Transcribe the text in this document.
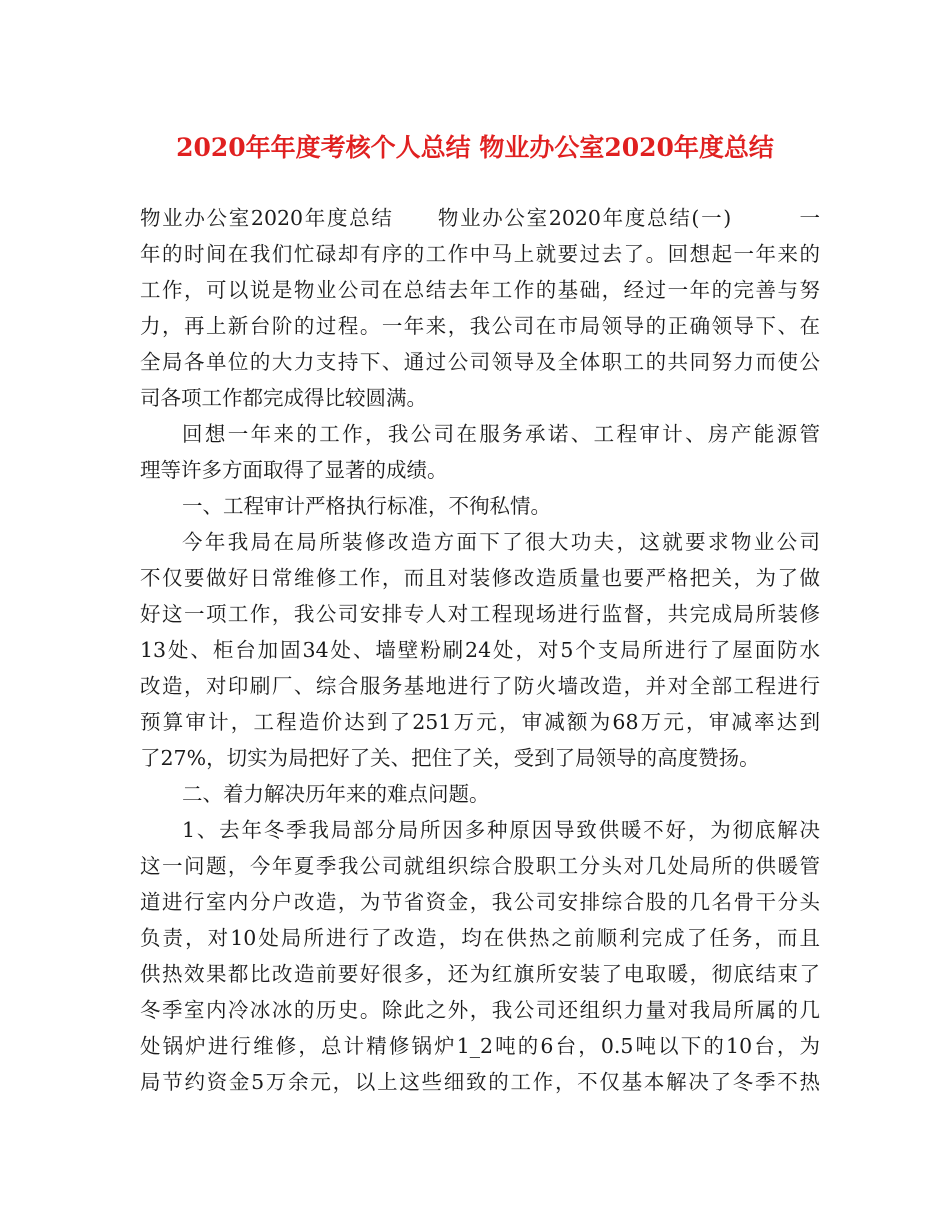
2020年年度考核个人总结 物业办公室2020年度总结
物业办公室2020年度总结　　物业办公室2020年度总结(一)　　　一
年的时间在我们忙碌却有序的工作中马上就要过去了。回想起一年来的
工作，可以说是物业公司在总结去年工作的基础，经过一年的完善与努
力，再上新台阶的过程。一年来，我公司在市局领导的正确领导下、在
全局各单位的大力支持下、通过公司领导及全体职工的共同努力而使公
司各项工作都完成得比较圆满。
回想一年来的工作，我公司在服务承诺、工程审计、房产能源管
理等许多方面取得了显著的成绩。
一、工程审计严格执行标准，不徇私情。
今年我局在局所装修改造方面下了很大功夫，这就要求物业公司
不仅要做好日常维修工作，而且对装修改造质量也要严格把关，为了做
好这一项工作，我公司安排专人对工程现场进行监督，共完成局所装修
13处、柜台加固34处、墙壁粉刷24处，对5个支局所进行了屋面防水
改造，对印刷厂、综合服务基地进行了防火墙改造，并对全部工程进行
预算审计，工程造价达到了251万元，审减额为68万元，审减率达到
了27%，切实为局把好了关、把住了关，受到了局领导的高度赞扬。
二、着力解决历年来的难点问题。
1、去年冬季我局部分局所因多种原因导致供暖不好，为彻底解决
这一问题，今年夏季我公司就组织综合股职工分头对几处局所的供暖管
道进行室内分户改造，为节省资金，我公司安排综合股的几名骨干分头
负责，对10处局所进行了改造，均在供热之前顺利完成了任务，而且
供热效果都比改造前要好很多，还为红旗所安装了电取暖，彻底结束了
冬季室内冷冰冰的历史。除此之外，我公司还组织力量对我局所属的几
处锅炉进行维修，总计精修锅炉1_2吨的6台，0.5吨以下的10台，为
局节约资金5万余元，以上这些细致的工作，不仅基本解决了冬季不热
